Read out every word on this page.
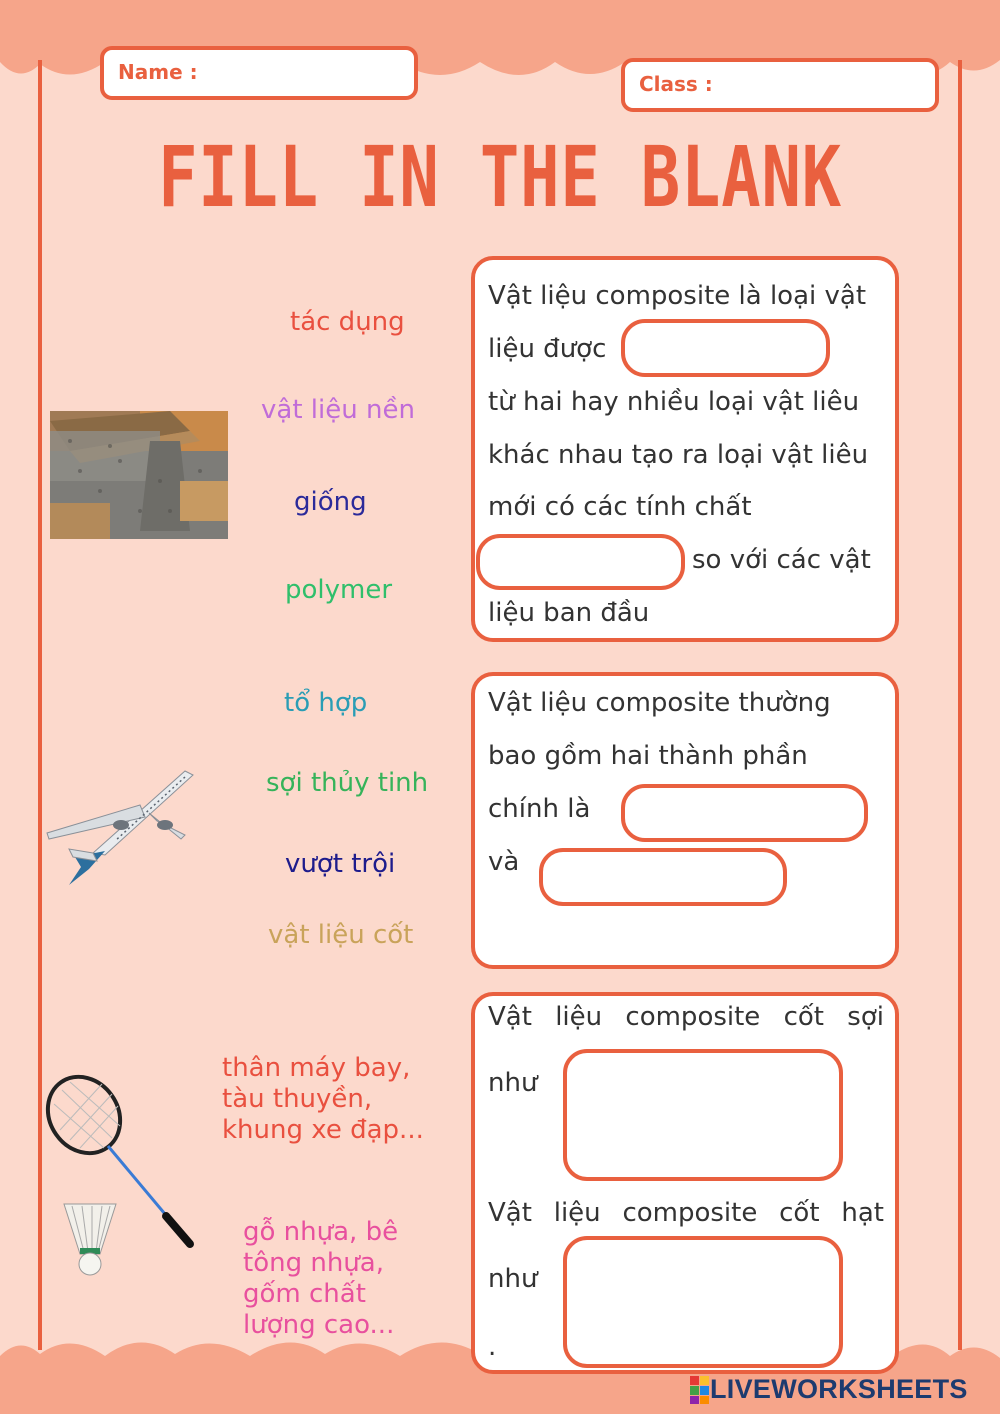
Name :	Class :
FILL IN THE BLANK
tác dụng
vật liệu nền
giống
polymer
tổ hợp
sợi thủy tinh
vượt trội
vật liệu cốt
thân máy bay,
tàu thuyền,
khung xe đạp...
gỗ nhựa, bê
tông nhựa,
gốm chất
lượng cao...
Vật liệu composite là loại vật
liệu được
từ hai hay nhiều loại vật liêu
khác nhau tạo ra loại vật liêu
mới có các tính chất
so với các vật
liệu ban đầu
Vật liệu composite thường
bao gồm hai thành phần
chính là
và
Vật liệu composite cốt sợi
như
Vật liệu composite cốt hạt
như
.
LIVEWORKSHEETS
